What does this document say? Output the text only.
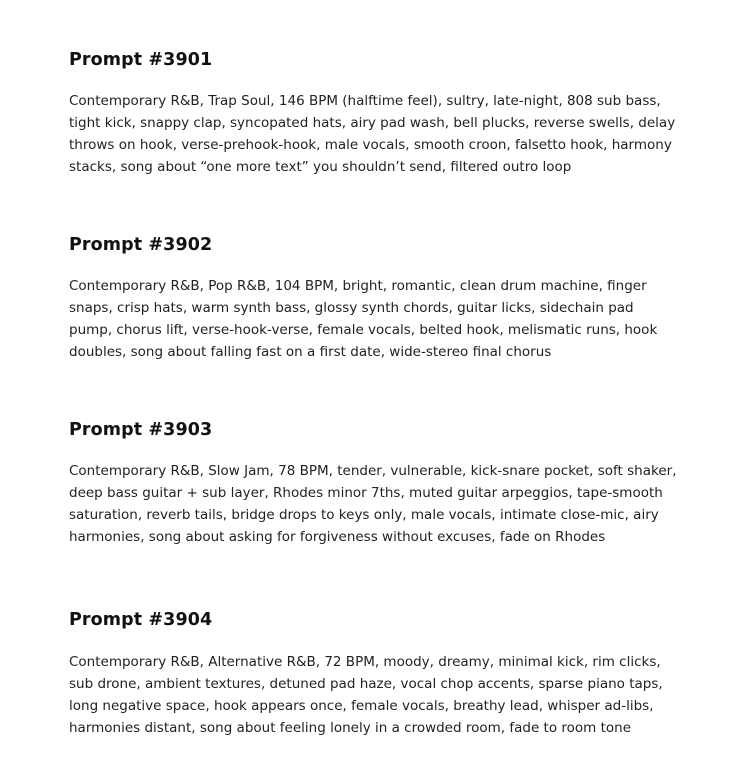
Prompt #3901

Contemporary R&B, Trap Soul, 146 BPM (halftime feel), sultry, late-night, 808 sub bass, tight kick, snappy clap, syncopated hats, airy pad wash, bell plucks, reverse swells, delay throws on hook, verse-prehook-hook, male vocals, smooth croon, falsetto hook, harmony stacks, song about “one more text” you shouldn’t send, filtered outro loop

Prompt #3902

Contemporary R&B, Pop R&B, 104 BPM, bright, romantic, clean drum machine, finger snaps, crisp hats, warm synth bass, glossy synth chords, guitar licks, sidechain pad pump, chorus lift, verse-hook-verse, female vocals, belted hook, melismatic runs, hook doubles, song about falling fast on a first date, wide-stereo final chorus

Prompt #3903

Contemporary R&B, Slow Jam, 78 BPM, tender, vulnerable, kick-snare pocket, soft shaker, deep bass guitar + sub layer, Rhodes minor 7ths, muted guitar arpeggios, tape-smooth saturation, reverb tails, bridge drops to keys only, male vocals, intimate close-mic, airy harmonies, song about asking for forgiveness without excuses, fade on Rhodes

Prompt #3904

Contemporary R&B, Alternative R&B, 72 BPM, moody, dreamy, minimal kick, rim clicks, sub drone, ambient textures, detuned pad haze, vocal chop accents, sparse piano taps, long negative space, hook appears once, female vocals, breathy lead, whisper ad-libs, harmonies distant, song about feeling lonely in a crowded room, fade to room tone
